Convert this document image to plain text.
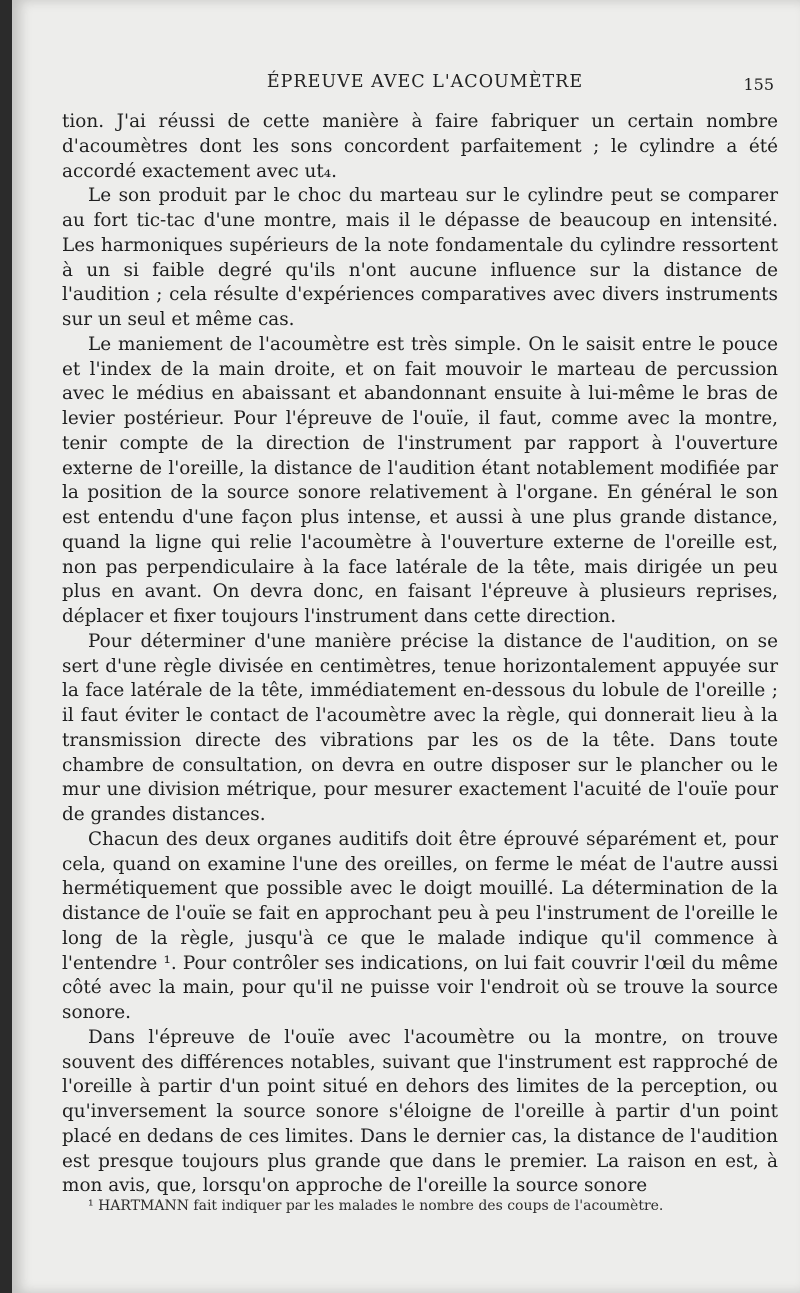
ÉPREUVE AVEC L'ACOUMÈTRE	155

tion. J'ai réussi de cette manière à faire fabriquer un certain nombre d'acoumètres dont les sons concordent parfaitement ; le cylindre a été accordé exactement avec ut₄.

Le son produit par le choc du marteau sur le cylindre peut se comparer au fort tic-tac d'une montre, mais il le dépasse de beaucoup en intensité. Les harmoniques supérieurs de la note fondamentale du cylindre ressortent à un si faible degré qu'ils n'ont aucune influence sur la distance de l'audition ; cela résulte d'expériences comparatives avec divers instruments sur un seul et même cas.

Le maniement de l'acoumètre est très simple. On le saisit entre le pouce et l'index de la main droite, et on fait mouvoir le marteau de percussion avec le médius en abaissant et abandonnant ensuite à lui-même le bras de levier postérieur. Pour l'épreuve de l'ouïe, il faut, comme avec la montre, tenir compte de la direction de l'instrument par rapport à l'ouverture externe de l'oreille, la distance de l'audition étant notablement modifiée par la position de la source sonore relativement à l'organe. En général le son est entendu d'une façon plus intense, et aussi à une plus grande distance, quand la ligne qui relie l'acoumètre à l'ouverture externe de l'oreille est, non pas perpendiculaire à la face latérale de la tête, mais dirigée un peu plus en avant. On devra donc, en faisant l'épreuve à plusieurs reprises, déplacer et fixer toujours l'instrument dans cette direction.

Pour déterminer d'une manière précise la distance de l'audition, on se sert d'une règle divisée en centimètres, tenue horizontalement appuyée sur la face latérale de la tête, immédiatement en-dessous du lobule de l'oreille ; il faut éviter le contact de l'acoumètre avec la règle, qui donnerait lieu à la transmission directe des vibrations par les os de la tête. Dans toute chambre de consultation, on devra en outre disposer sur le plancher ou le mur une division métrique, pour mesurer exactement l'acuité de l'ouïe pour de grandes distances.

Chacun des deux organes auditifs doit être éprouvé séparément et, pour cela, quand on examine l'une des oreilles, on ferme le méat de l'autre aussi hermétiquement que possible avec le doigt mouillé. La détermination de la distance de l'ouïe se fait en approchant peu à peu l'instrument de l'oreille le long de la règle, jusqu'à ce que le malade indique qu'il commence à l'entendre ¹. Pour contrôler ses indications, on lui fait couvrir l'œil du même côté avec la main, pour qu'il ne puisse voir l'endroit où se trouve la source sonore.

Dans l'épreuve de l'ouïe avec l'acoumètre ou la montre, on trouve souvent des différences notables, suivant que l'instrument est rapproché de l'oreille à partir d'un point situé en dehors des limites de la perception, ou qu'inversement la source sonore s'éloigne de l'oreille à partir d'un point placé en dedans de ces limites. Dans le dernier cas, la distance de l'audition est presque toujours plus grande que dans le premier. La raison en est, à mon avis, que, lorsqu'on approche de l'oreille la source sonore

¹ HARTMANN fait indiquer par les malades le nombre des coups de l'acoumètre.
